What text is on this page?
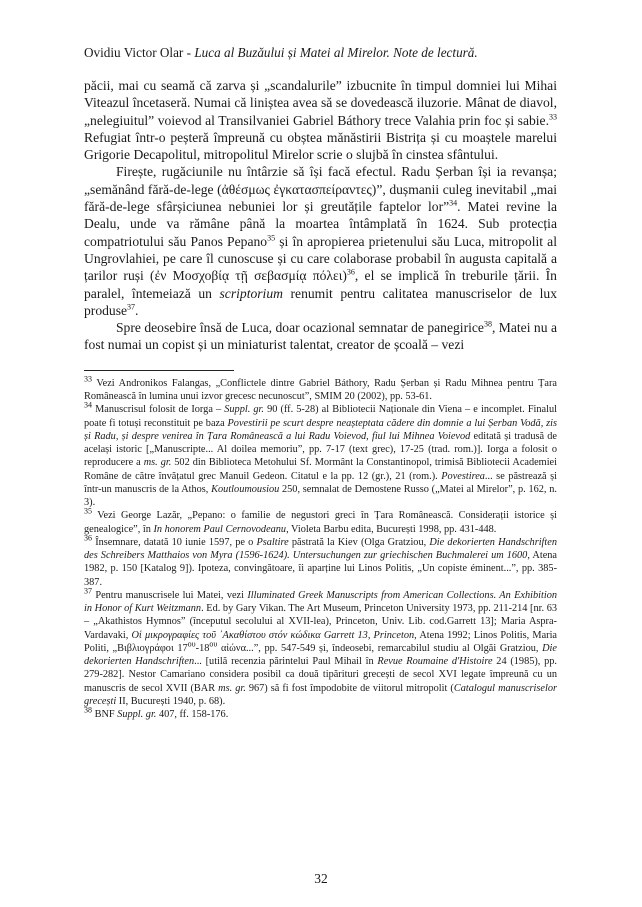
Ovidiu Victor Olar - Luca al Buzăului și Matei al Mirelor. Note de lectură.

păcii, mai cu seamă că zarva și „scandalurile” izbucnite în timpul domniei lui Mihai Viteazul încetaseră. Numai că liniștea avea să se dovedească iluzorie. Mânat de diavol, „nelegiuitul” voievod al Transilvaniei Gabriel Báthory trece Valahia prin foc și sabie.$^{33}$ Refugiat într-o peșteră împreună cu obștea mănăstirii Bistrița și cu moaștele marelui Grigorie Decapolitul, mitropolitul Mirelor scrie o slujbă în cinstea sfântului.

Firește, rugăciunile nu întârzie să își facă efectul. Radu Șerban își ia revanșa; „semănând fără-de-lege (ἀθέσμως ἐγκατασπείραντες)”, dușmanii culeg inevitabil „mai fără-de-lege sfârșiciunea nebuniei lor și greutățile faptelor lor”$^{34}$. Matei revine la Dealu, unde va rămâne până la moartea întâmplată în 1624. Sub protecția compatriotului său Panos Pepano$^{35}$ și în apropierea prietenului său Luca, mitropolit al Ungrovlahiei, pe care îl cunoscuse și cu care colaborase probabil în augusta capitală a țarilor ruși (ἐν Μοσχοβίᾳ τῇ σεβασμίᾳ πόλει)$^{36}$, el se implică în treburile țării. În paralel, întemeiază un scriptorium renumit pentru calitatea manuscriselor de lux produse$^{37}$.

Spre deosebire însă de Luca, doar ocazional semnatar de panegirice$^{38}$, Matei nu a fost numai un copist și un miniaturist talentat, creator de școală – vezi

$^{33}$ Vezi Andronikos Falangas, „Conflictele dintre Gabriel Báthory, Radu Șerban și Radu Mihnea pentru Țara Românească în lumina unui izvor grecesc necunoscut”, SMIM 20 (2002), pp. 53-61.

$^{34}$ Manuscrisul folosit de Iorga – Suppl. gr. 90 (ff. 5-28) al Bibliotecii Naționale din Viena – e incomplet. Finalul poate fi totuși reconstituit pe baza Povestirii pe scurt despre neașteptata cădere din domnie a lui Șerban Vodă, zis și Radu, și despre venirea în Țara Românească a lui Radu Voievod, fiul lui Mihnea Voievod editată și tradusă de același istoric [„Manuscripte... Al doilea memoriu”, pp. 7-17 (text grec), 17-25 (trad. rom.)]. Iorga a folosit o reproducere a ms. gr. 502 din Biblioteca Metohului Sf. Mormânt la Constantinopol, trimisă Bibliotecii Academiei Române de către învățatul grec Manuil Gedeon. Citatul e la pp. 12 (gr.), 21 (rom.). Povestirea... se păstrează și într-un manuscris de la Athos, Koutloumousiou 250, semnalat de Demostene Russo („Matei al Mirelor”, p. 162, n. 3).

$^{35}$ Vezi George Lazăr, „Pepano: o familie de negustori greci în Țara Românească. Considerații istorice și genealogice”, în In honorem Paul Cernovodeanu, Violeta Barbu edita, București 1998, pp. 431-448.

$^{36}$ Însemnare, datată 10 iunie 1597, pe o Psaltire păstrată la Kiev (Olga Gratziou, Die dekorierten Handschriften des Schreibers Matthaios von Myra (1596-1624). Untersuchungen zur griechischen Buchmalerei um 1600, Atena 1982, p. 150 [Katalog 9]). Ipoteza, convingătoare, îi aparține lui Linos Politis, „Un copiste éminent...”, pp. 385-387.

$^{37}$ Pentru manuscrisele lui Matei, vezi Illuminated Greek Manuscripts from American Collections. An Exhibition in Honor of Kurt Weitzmann. Ed. by Gary Vikan. The Art Museum, Princeton University 1973, pp. 211-214 [nr. 63 – „Akathistos Hymnos” (începutul secolului al XVII-lea), Princeton, Univ. Lib. cod.Garrett 13]; Maria Aspra-Vardavaki, Οἱ μικρογραφίες τοῦ ᾿Ακαθίστου στόν κώδικα Garrett 13, Princeton, Atena 1992; Linos Politis, Maria Politi, „Βιβλιογράφοι $17^{o\upsilon}-18^{o\upsilon}$ αἰώνα...”, pp. 547-549 și, îndeosebi, remarcabilul studiu al Olgăi Gratziou, Die dekorierten Handschriften... [utilă recenzia părintelui Paul Mihail în Revue Roumaine d'Histoire 24 (1985), pp. 279-282]. Nestor Camariano considera posibil ca două tipărituri grecești de secol XVI legate împreună cu un manuscris de secol XVII (BAR ms. gr. 967) să fi fost împodobite de viitorul mitropolit (Catalogul manuscriselor grecești II, București 1940, p. 68).

$^{38}$ BNF Suppl. gr. 407, ff. 158-176.

32
